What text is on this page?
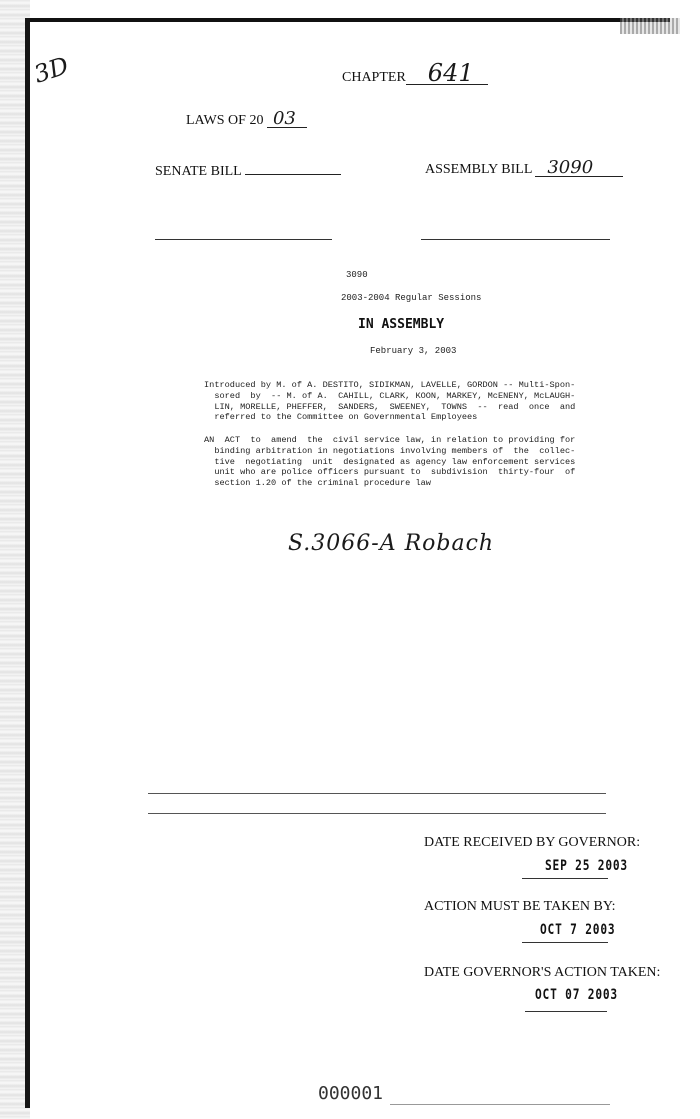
3D	CHAPTER 641
LAWS OF 20 03
SENATE BILL	ASSEMBLY BILL 3090
3090
2003-2004 Regular Sessions
IN ASSEMBLY
February 3, 2003
Introduced by M. of A. DESTITO, SIDIKMAN, LAVELLE, GORDON -- Multi-Spon-
sored  by  -- M. of A.  CAHILL, CLARK, KOON, MARKEY, McENENY, McLAUGH-
LIN, MORELLE, PHEFFER,  SANDERS,  SWEENEY,  TOWNS  --  read  once  and
referred to the Committee on Governmental Employees
AN  ACT  to  amend  the  civil service law, in relation to providing for
binding arbitration in negotiations involving members of  the  collec-
tive  negotiating  unit  designated as agency law enforcement services
unit who are police officers pursuant to  subdivision  thirty-four  of
section 1.20 of the criminal procedure law
S.3066-A Robach
DATE RECEIVED BY GOVERNOR:
SEP 25 2003
ACTION MUST BE TAKEN BY:
OCT 7 2003
DATE GOVERNOR'S ACTION TAKEN:
OCT 07 2003
000001
